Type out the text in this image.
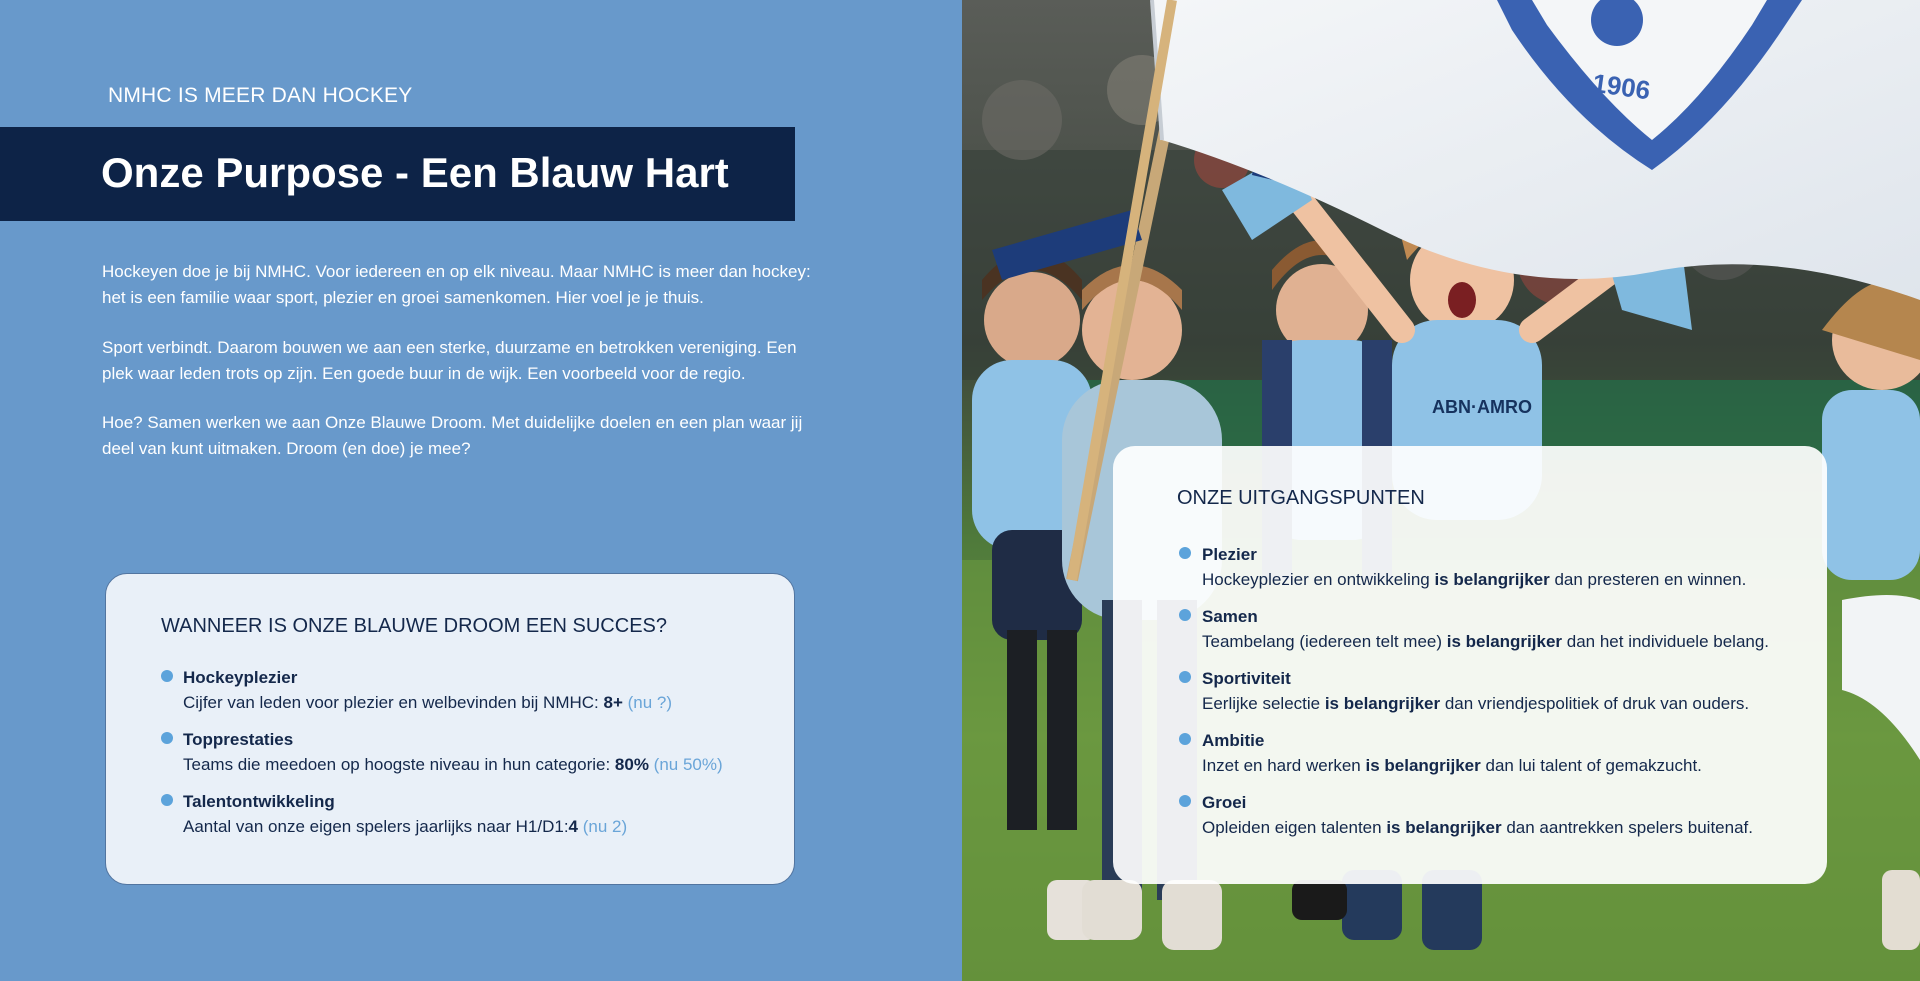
NMHC IS MEER DAN HOCKEY
Onze Purpose - Een Blauw Hart

Hockeyen doe je bij NMHC. Voor iedereen en op elk niveau. Maar NMHC is meer dan hockey: het is een familie waar sport, plezier en groei samenkomen. Hier voel je je thuis.

Sport verbindt. Daarom bouwen we aan een sterke, duurzame en betrokken vereniging. Een plek waar leden trots op zijn. Een goede buur in de wijk. Een voorbeeld voor de regio.

Hoe? Samen werken we aan Onze Blauwe Droom. Met duidelijke doelen en een plan waar jij deel van kunt uitmaken. Droom (en doe) je mee?

WANNEER IS ONZE BLAUWE DROOM EEN SUCCES?
Hockeyplezier
Cijfer van leden voor plezier en welbevinden bij NMHC: 8+ (nu ?)
Topprestaties
Teams die meedoen op hoogste niveau in hun categorie: 80% (nu 50%)
Talentontwikkeling
Aantal van onze eigen spelers jaarlijks naar H1/D1:4 (nu 2)
ABN·AMRO
1906
ONZE UITGANGSPUNTEN
Plezier
Hockeyplezier en ontwikkeling is belangrijker dan presteren en winnen.
Samen
Teambelang (iedereen telt mee) is belangrijker dan het individuele belang.
Sportiviteit
Eerlijke selectie is belangrijker dan vriendjespolitiek of druk van ouders.
Ambitie
Inzet en hard werken is belangrijker dan lui talent of gemakzucht.
Groei
Opleiden eigen talenten is belangrijker dan aantrekken spelers buitenaf.
